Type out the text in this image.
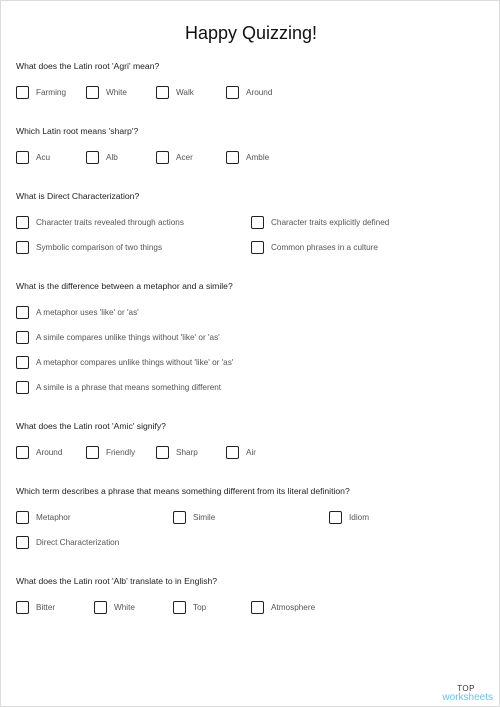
Happy Quizzing!
What does the Latin root 'Agri' mean?
Farming	White	Walk	Around
Which Latin root means 'sharp'?
Acu	Alb	Acer	Amble
What is Direct Characterization?
Character traits revealed through actions	Character traits explicitly defined
Symbolic comparison of two things	Common phrases in a culture
What is the difference between a metaphor and a simile?
A metaphor uses 'like' or 'as'
A simile compares unlike things without 'like' or 'as'
A metaphor compares unlike things without 'like' or 'as'
A simile is a phrase that means something different
What does the Latin root 'Amic' signify?
Around	Friendly	Sharp	Air
Which term describes a phrase that means something different from its literal definition?
Metaphor	Simile	Idiom
Direct Characterization
What does the Latin root 'Alb' translate to in English?
Bitter	White	Top	Atmosphere
TOP
worksheets
